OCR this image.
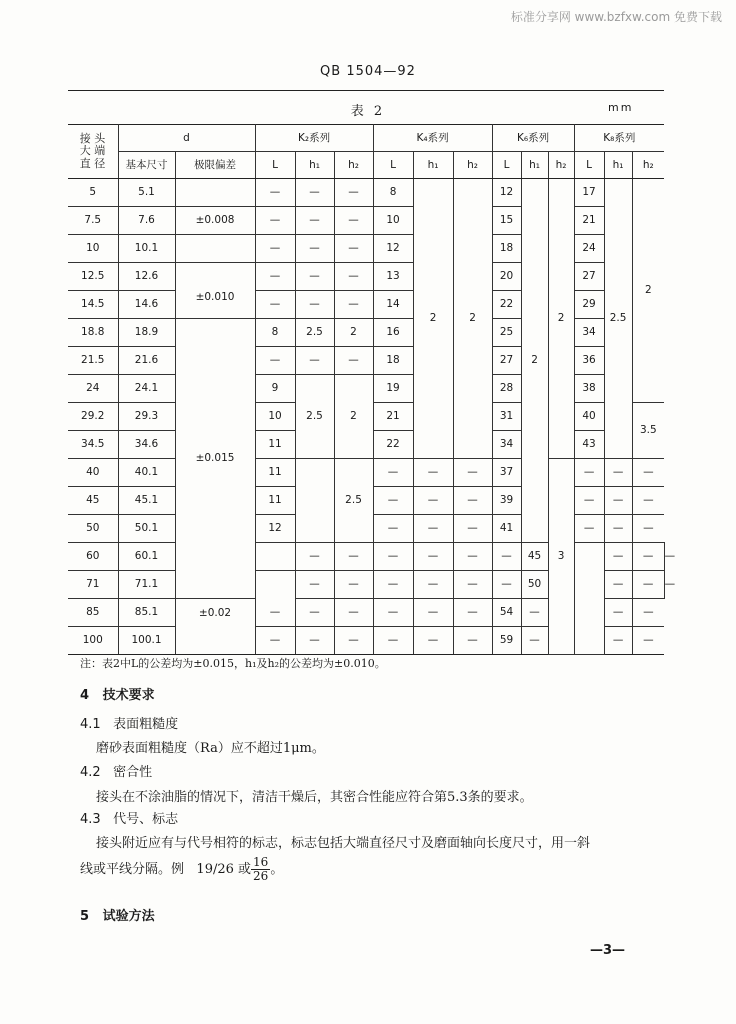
标准分享网 www.bzfxw.com 免费下载
QB 1504—92
表 2	mm
接 头
大 端
直 径	d		K₂系列			K₄系列			K₆系列			K₈系列			
	基本尺寸	极限偏差	L	h₁	h₂	L	h₁	h₂	L	h₁	h₂	L	h₁	h₂	
5	5.1		—	—	—	8	2	2	12	2	2	17	2.5	2	
7.5	7.6	±0.008	—	—	—	10			15			21			
10	10.1		—	—	—	12			18			24			
12.5	12.6		—	—	—	13			20			27			
14.5	14.6	±0.010	—	—	—	14			22			29			
18.8	18.9	±0.015	8	2.5	2	16			25			34			
21.5	21.6		—	—	—	18			27			36			
24	24.1		9	2.5	2	19			28			38			
29.2	29.3		10			21			31			40		3.5	
34.5	34.6		11			22			34			43			
40	40.1		11		2.5	—	—	—	37		3	—	—	—	
45	45.1		11			—	—	—	39			—	—	—	
50	50.1		12			—	—	—	41			—	—	—	
60	60.1			—	—	—	—	—	—	45			—	—	—
71	71.1			—	—	—	—	—	—	50			—	—	—
85	85.1	±0.02	—	—	—	—	—	—	54	—			—	—	
100	100.1		—	—	—	—	—	—	59	—			—	—	
注：表2中L的公差均为±0.015，h₁及h₂的公差均为±0.010。
4 技术要求
4.1 表面粗糙度
磨砂表面粗糙度（Ra）应不超过1μm。
4.2 密合性
接头在不涂油脂的情况下，清洁干燥后，其密合性能应符合第5.3条的要求。
4.3 代号、标志
接头附近应有与代号相符的标志，标志包括大端直径尺寸及磨面轴向长度尺寸，用一斜
线或平线分隔。例 19/26 或 $\frac{16}{26}$ 。
5 试验方法
—3—
